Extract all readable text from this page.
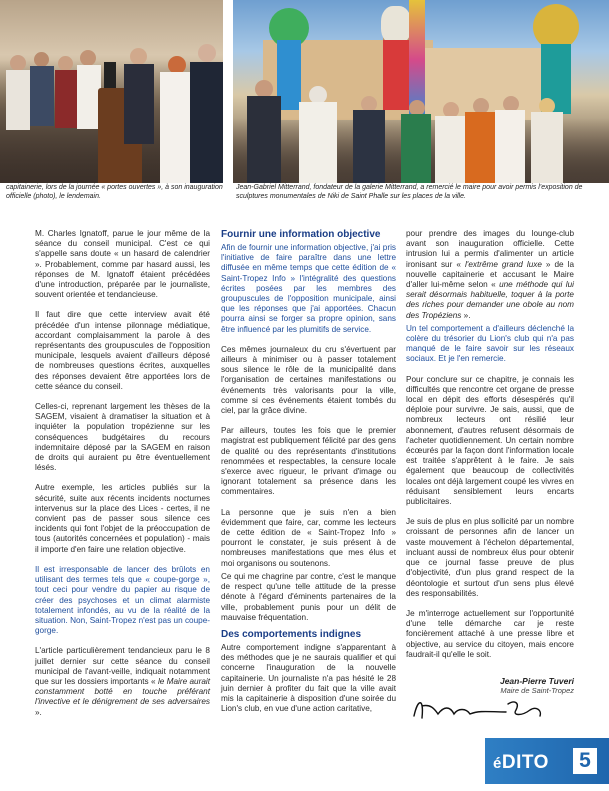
capitainerie, lors de la journée « portes ouvertes », à son inauguration officielle (photo), le lendemain.
Jean-Gabriel Mitterrand, fondateur de la galerie Mitterrand, a remercié le maire pour avoir permis l'exposition de sculptures monumentales de Niki de Saint Phalle sur les places de la ville.

M. Charles Ignatoff, parue le jour même de la séance du conseil municipal. C'est ce qui s'appelle sans doute « un hasard de calendrier ». Probablement, comme par hasard aussi, les réponses de M. Ignatoff étaient précédées d'une introduction, préparée par le journaliste, souvent orientée et tendancieuse.

Il faut dire que cette interview avait été précédée d'un intense pilonnage médiatique, accordant complaisamment la parole à des représentants des groupuscules de l'opposition municipale, lesquels avaient d'ailleurs déposé de nombreuses questions écrites, auxquelles des réponses devaient être apportées lors de cette séance du conseil.

Celles-ci, reprenant largement les thèses de la SAGEM, visaient à dramatiser la situation et à inquiéter la population tropézienne sur les conséquences budgétaires du recours indemnitaire déposé par la SAGEM en raison de droits qui auraient pu être éventuellement lésés.

Autre exemple, les articles publiés sur la sécurité, suite aux récents incidents nocturnes intervenus sur la place des Lices - certes, il ne convient pas de passer sous silence ces incidents qui font l'objet de la préoccupation de tous (autorités concernées et population) - mais il importe d'en faire une relation objective.

Il est irresponsable de lancer des brûlots en utilisant des termes tels que « coupe-gorge », tout ceci pour vendre du papier au risque de créer des psychoses et un climat alarmiste totalement infondés, au vu de la réalité de la situation. Non, Saint-Tropez n'est pas un coupe-gorge.

L'article particulièrement tendancieux paru le 8 juillet dernier sur cette séance du conseil municipal de l'avant-veille, indiquait notamment que sur les dossiers importants « le Maire aurait constamment botté en touche préférant l'invective et le dénigrement de ses adversaires ».

Fournir une information objective

Afin de fournir une information objective, j'ai pris l'initiative de faire paraître dans une lettre diffusée en même temps que cette édition de « Saint-Tropez Info » l'intégralité des questions écrites posées par les membres des groupuscules de l'opposition municipale, ainsi que les réponses que j'ai apportées. Chacun pourra ainsi se forger sa propre opinion, sans être influencé par les plumitifs de service.

Ces mêmes journaleux du cru s'évertuent par ailleurs à minimiser ou à passer totalement sous silence le rôle de la municipalité dans l'organisation de certaines manifestations ou événements très valorisants pour la ville, comme si ces événements étaient tombés du ciel, par la grâce divine.

Par ailleurs, toutes les fois que le premier magistrat est publiquement félicité par des gens de qualité ou des représentants d'institutions renommées et respectables, la censure locale s'exerce avec rigueur, le privant d'image ou ignorant totalement sa présence dans les commentaires.

La personne que je suis n'en a bien évidemment que faire, car, comme les lecteurs de cette édition de « Saint-Tropez Info » pourront le constater, je suis présent à de nombreuses manifestations que mes élus et moi organisons ou soutenons.

Ce qui me chagrine par contre, c'est le manque de respect qu'une telle attitude de la presse dénote à l'égard d'éminents partenaires de la ville, probablement punis pour un délit de mauvaise fréquentation.

Des comportements indignes

Autre comportement indigne s'apparentant à des méthodes que je ne saurais qualifier et qui concerne l'inauguration de la nouvelle capitainerie. Un journaliste n'a pas hésité le 28 juin dernier à profiter du fait que la ville avait mis la capitainerie à disposition d'une soirée du Lion's club, en vue d'une action caritative,

pour prendre des images du lounge-club avant son inauguration officielle. Cette intrusion lui a permis d'alimenter un article ironisant sur « l'extrême grand luxe » de la nouvelle capitainerie et accusant le Maire d'aller lui-même selon « une méthode qui lui serait désormais habituelle, toquer à la porte des riches pour demander une obole au nom des Tropéziens ».

Un tel comportement a d'ailleurs déclenché la colère du trésorier du Lion's club qui n'a pas manqué de le faire savoir sur les réseaux sociaux. Et je l'en remercie.

Pour conclure sur ce chapitre, je connais les difficultés que rencontre cet organe de presse local en dépit des efforts désespérés qu'il déploie pour survivre. Je sais, aussi, que de nombreux lecteurs ont résilié leur abonnement, d'autres refusent désormais de l'acheter quotidiennement. Un certain nombre écœurés par la façon dont l'information locale est traitée s'apprêtent à le faire. Je sais également que beaucoup de collectivités locales ont déjà largement coupé les vivres en réduisant sensiblement leurs encarts publicitaires.

Je suis de plus en plus sollicité par un nombre croissant de personnes afin de lancer un vaste mouvement à l'échelon départemental, incluant aussi de nombreux élus pour obtenir que ce journal fasse preuve de plus d'objectivité, d'un plus grand respect de la déontologie et surtout d'un sens plus élevé des responsabilités.

Je m'interroge actuellement sur l'opportunité d'une telle démarche car je reste foncièrement attaché à une presse libre et objective, au service du citoyen, mais encore faudrait-il qu'elle le soit.

Jean-Pierre Tuveri
Maire de Saint-Tropez
éDITO 5
